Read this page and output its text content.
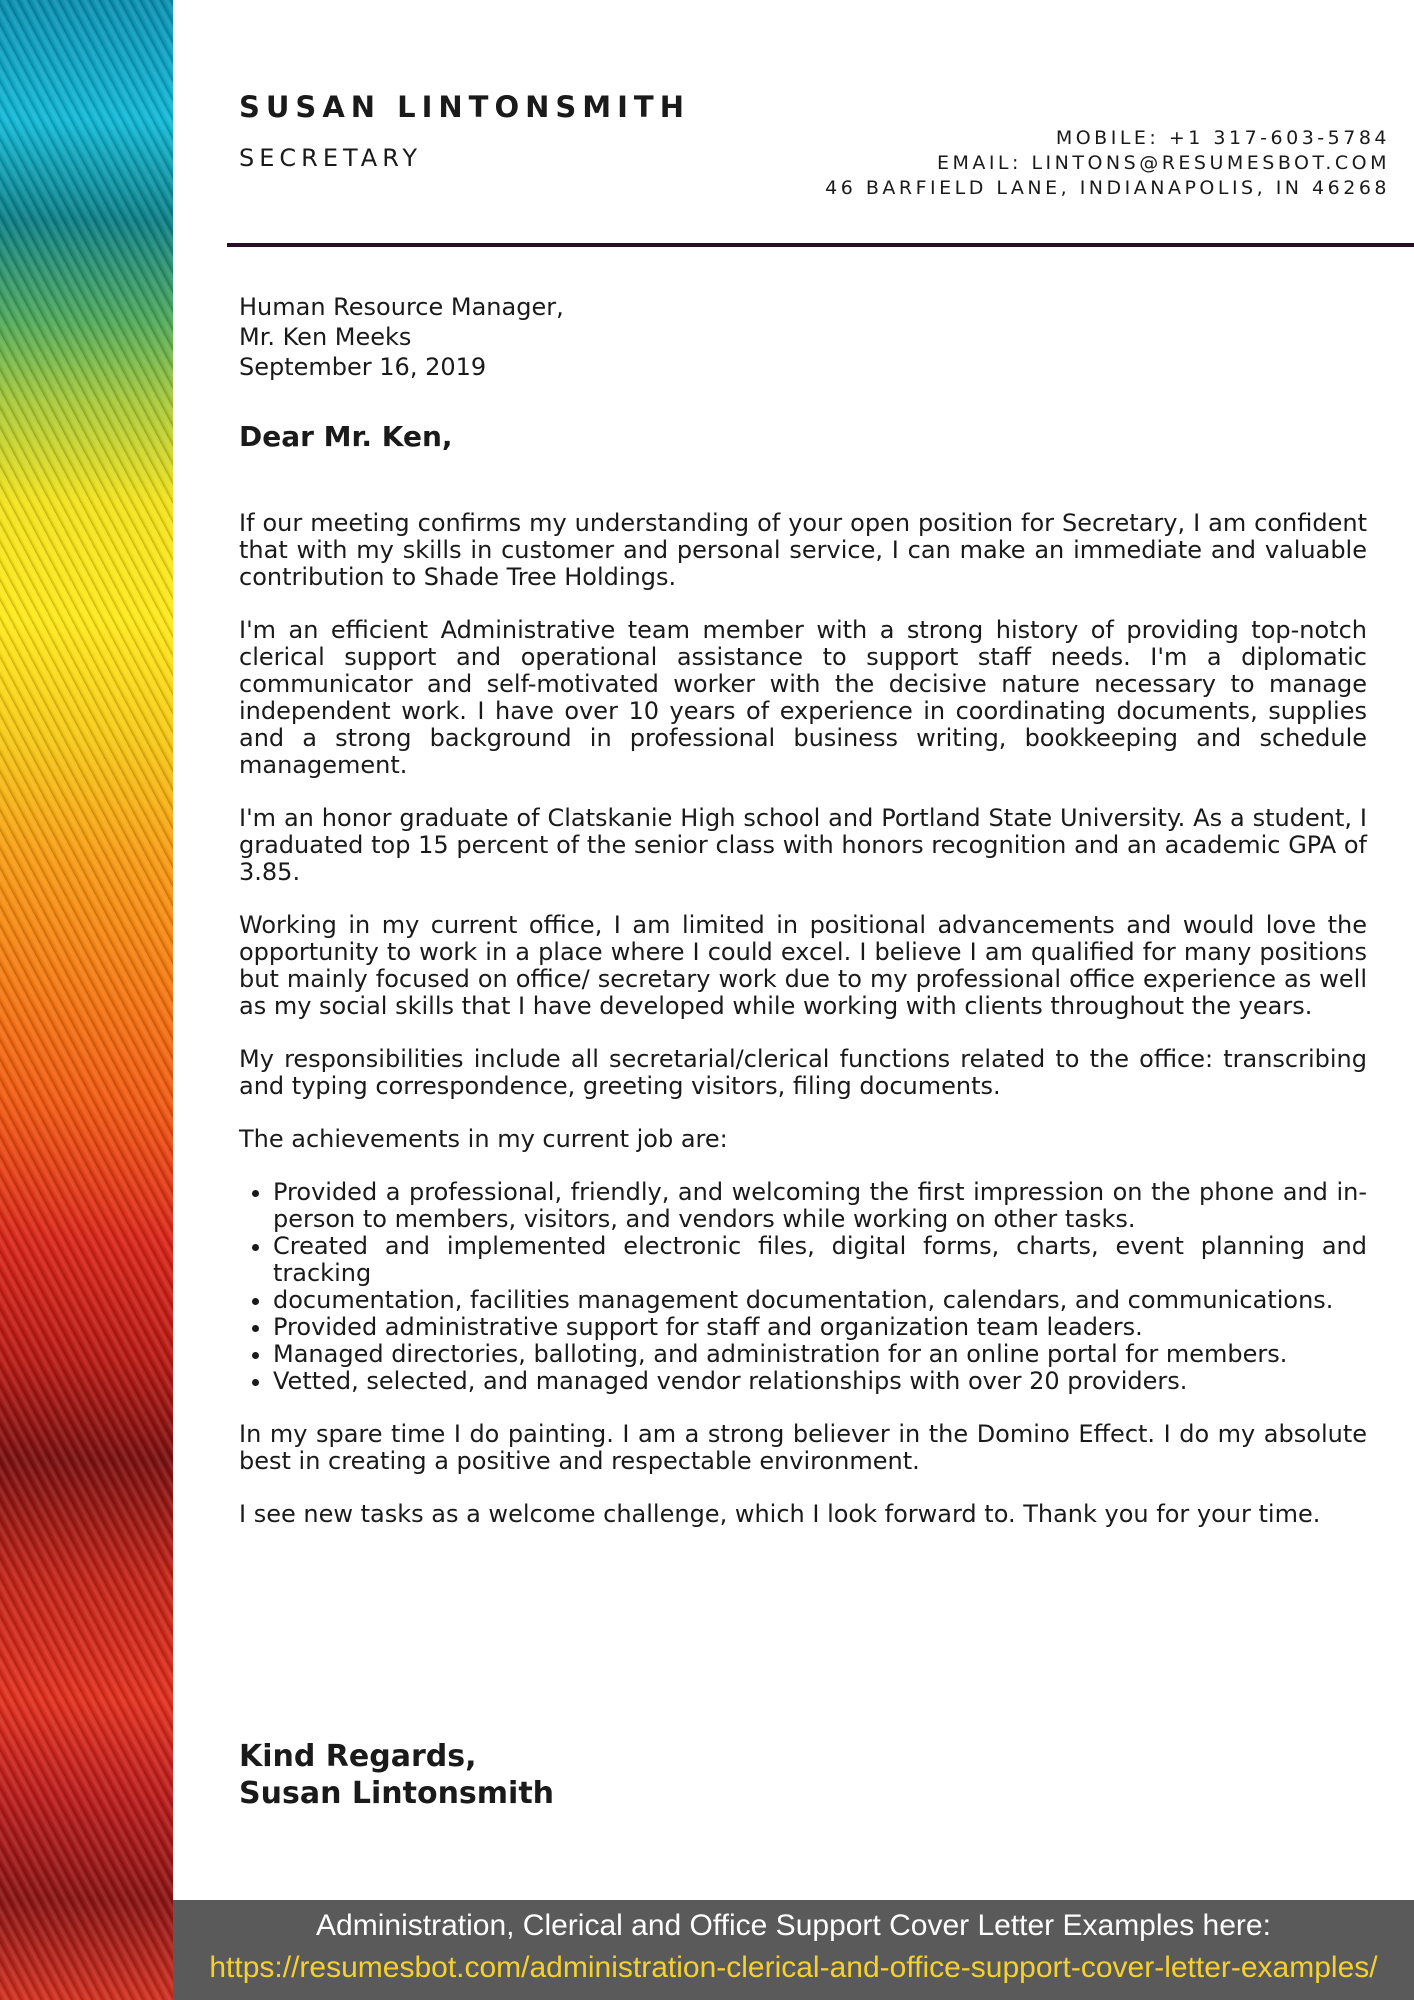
SUSAN LINTONSMITH
SECRETARY
MOBILE: +1 317-603-5784
EMAIL: LINTONS@RESUMESBOT.COM
46 BARFIELD LANE, INDIANAPOLIS, IN 46268
Human Resource Manager,
Mr. Ken Meeks
September 16, 2019
Dear Mr. Ken,

If our meeting confirms my understanding of your open position for Secretary, I am confident that with my skills in customer and personal service, I can make an immediate and valuable contribution to Shade Tree Holdings.

I'm an efficient Administrative team member with a strong history of providing top-notch clerical support and operational assistance to support staff needs. I'm a diplomatic communicator and self-motivated worker with the decisive nature necessary to manage independent work. I have over 10 years of experience in coordinating documents, supplies and a strong background in professional business writing, bookkeeping and schedule management.

I'm an honor graduate of Clatskanie High school and Portland State University. As a student, I graduated top 15 percent of the senior class with honors recognition and an academic GPA of 3.85.

Working in my current office, I am limited in positional advancements and would love the opportunity to work in a place where I could excel. I believe I am qualified for many positions but mainly focused on office/ secretary work due to my professional office experience as well as my social skills that I have developed while working with clients throughout the years.

My responsibilities include all secretarial/clerical functions related to the office: transcribing and typing correspondence, greeting visitors, filing documents.

The achievements in my current job are:

• Provided a professional, friendly, and welcoming the first impression on the phone and in-person to members, visitors, and vendors while working on other tasks.
• Created and implemented electronic files, digital forms, charts, event planning and tracking
• documentation, facilities management documentation, calendars, and communications.
• Provided administrative support for staff and organization team leaders.
• Managed directories, balloting, and administration for an online portal for members.
• Vetted, selected, and managed vendor relationships with over 20 providers.

In my spare time I do painting. I am a strong believer in the Domino Effect. I do my absolute best in creating a positive and respectable environment.

I see new tasks as a welcome challenge, which I look forward to. Thank you for your time.

Kind Regards,
Susan Lintonsmith
Administration, Clerical and Office Support Cover Letter Examples here:
https://resumesbot.com/administration-clerical-and-office-support-cover-letter-examples/
